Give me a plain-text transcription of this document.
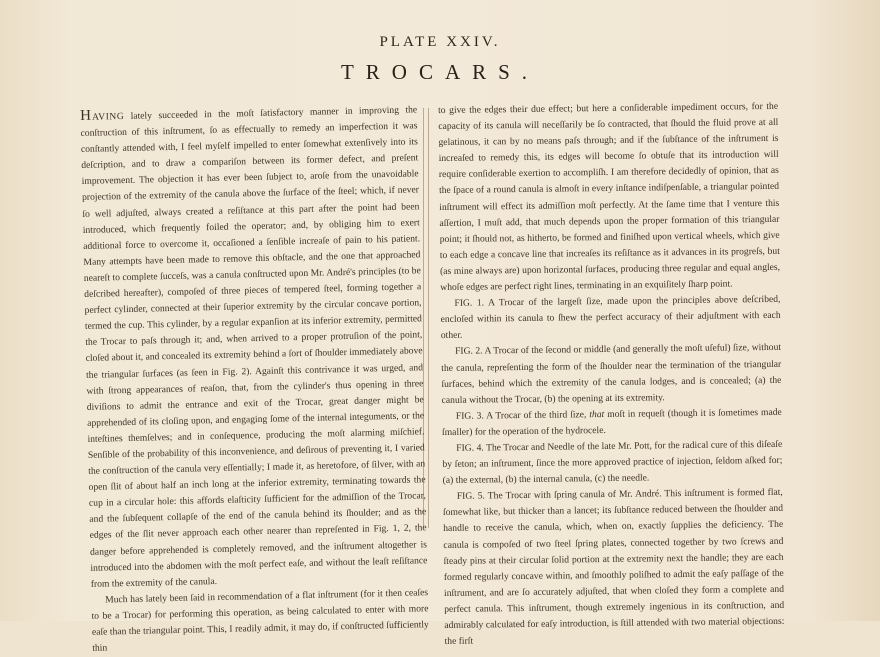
PLATE XXIV.
TROCARS.

HAVING lately succeeded in the moſt ſatisfactory manner in improving the conſtruction of this inſtrument, ſo as effectually to remedy an imperfection it was conſtantly attended with, I feel myſelf impelled to enter ſomewhat extenſively into its deſcription, and to draw a compariſon between its former defect, and preſent improvement. The objection it has ever been ſubject to, aroſe from the unavoidable projection of the extremity of the canula above the ſurface of the ſteel; which, if never ſo well adjuſted, always created a reſiſtance at this part after the point had been introduced, which frequently foiled the operator; and, by obliging him to exert additional force to overcome it, occaſioned a ſenſible increaſe of pain to his patient. Many attempts have been made to remove this obſtacle, and the one that approached neareſt to complete ſucceſs, was a canula conſtructed upon Mr. André's principles (to be deſcribed hereafter), compoſed of three pieces of tempered ſteel, forming together a perfect cylinder, connected at their ſuperior extremity by the circular concave portion, termed the cup. This cylinder, by a regular expanſion at its inferior extremity, permitted the Trocar to paſs through it; and, when arrived to a proper protruſion of the point, cloſed about it, and concealed its extremity behind a ſort of ſhoulder immediately above the triangular ſurfaces (as ſeen in Fig. 2). Againſt this contrivance it was urged, and with ſtrong appearances of reaſon, that, from the cylinder's thus opening in three diviſions to admit the entrance and exit of the Trocar, great danger might be apprehended of its cloſing upon, and engaging ſome of the internal integuments, or the inteſtines themſelves; and in conſequence, producing the moſt alarming miſchief. Senſible of the probability of this inconvenience, and deſirous of preventing it, I varied the conſtruction of the canula very eſſentially; I made it, as heretofore, of ſilver, with an open ſlit of about half an inch long at the inferior extremity, terminating towards the cup in a circular hole: this affords elaſticity ſufficient for the admiſſion of the Trocar, and the ſubſequent collapſe of the end of the canula behind its ſhoulder; and as the edges of the ſlit never approach each other nearer than repreſented in Fig. 1, 2, the danger before apprehended is completely removed, and the inſtrument altogether is introduced into the abdomen with the moſt perfect eaſe, and without the leaſt reſiſtance from the extremity of the canula.

Much has lately been ſaid in recommendation of a flat inſtrument (for it then ceaſes to be a Trocar) for performing this operation, as being calculated to enter with more eaſe than the triangular point. This, I readily admit, it may do, if conſtructed ſufficiently thin

to give the edges their due effect; but here a conſiderable impediment occurs, for the capacity of its canula will neceſſarily be ſo contracted, that ſhould the fluid prove at all gelatinous, it can by no means paſs through; and if the ſubſtance of the inſtrument is increaſed to remedy this, its edges will become ſo obtuſe that its introduction will require conſiderable exertion to accompliſh. I am therefore decidedly of opinion, that as the ſpace of a round canula is almoſt in every inſtance indiſpenſable, a triangular pointed inſtrument will effect its admiſſion moſt perfectly. At the ſame time that I venture this aſſertion, I muſt add, that much depends upon the proper formation of this triangular point; it ſhould not, as hitherto, be formed and finiſhed upon vertical wheels, which give to each edge a concave line that increaſes its reſiſtance as it advances in its progreſs, but (as mine always are) upon horizontal ſurfaces, producing three regular and equal angles, whoſe edges are perfect right lines, terminating in an exquiſitely ſharp point.

FIG. 1. A Trocar of the largeſt ſize, made upon the principles above deſcribed, encloſed within its canula to ſhew the perfect accuracy of their adjuſtment with each other.

FIG. 2. A Trocar of the ſecond or middle (and generally the moſt uſeful) ſize, without the canula, repreſenting the form of the ſhoulder near the termination of the triangular ſurfaces, behind which the extremity of the canula lodges, and is concealed; (a) the canula without the Trocar, (b) the opening at its extremity.

FIG. 3. A Trocar of the third ſize, that moſt in requeſt (though it is ſometimes made ſmaller) for the operation of the hydrocele.

FIG. 4. The Trocar and Needle of the late Mr. Pott, for the radical cure of this diſeaſe by ſeton; an inſtrument, ſince the more approved practice of injection, ſeldom aſked for; (a) the external, (b) the internal canula, (c) the needle.

FIG. 5. The Trocar with ſpring canula of Mr. André. This inſtrument is formed flat, ſomewhat like, but thicker than a lancet; its ſubſtance reduced between the ſhoulder and handle to receive the canula, which, when on, exactly ſupplies the deficiency. The canula is compoſed of two ſteel ſpring plates, connected together by two ſcrews and ſteady pins at their circular ſolid portion at the extremity next the handle; they are each formed regularly concave within, and ſmoothly poliſhed to admit the eaſy paſſage of the inſtrument, and are ſo accurately adjuſted, that when cloſed they form a complete and perfect canula. This inſtrument, though extremely ingenious in its conſtruction, and admirably calculated for eaſy introduction, is ſtill attended with two material objections: the firſt
